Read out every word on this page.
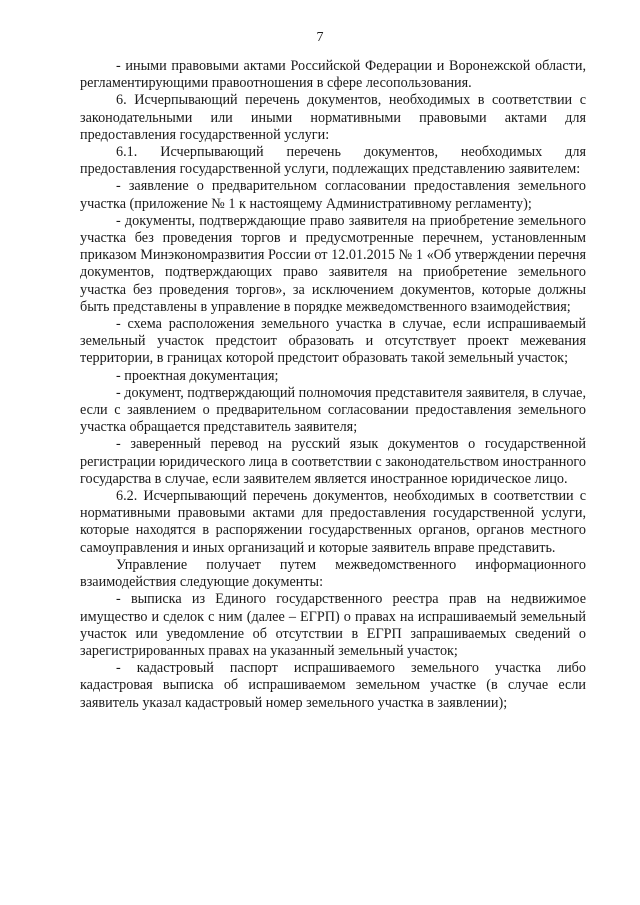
7

- иными правовыми актами Российской Федерации и Воронежской области, регламентирующими правоотношения в сфере лесопользования.

6. Исчерпывающий перечень документов, необходимых в соответствии с законодательными или иными нормативными правовыми актами для предоставления государственной услуги:

6.1. Исчерпывающий перечень документов, необходимых для предоставления государственной услуги, подлежащих представлению заявителем:

- заявление о предварительном согласовании предоставления земельного участка (приложение № 1 к настоящему Административному регламенту);

- документы, подтверждающие право заявителя на приобретение земельного участка без проведения торгов и предусмотренные перечнем, установленным приказом Минэкономразвития России от 12.01.2015 № 1 «Об утверждении перечня документов, подтверждающих право заявителя на приобретение земельного участка без проведения торгов», за исключением документов, которые должны быть представлены в управление в порядке межведомственного взаимодействия;

- схема расположения земельного участка в случае, если испрашиваемый земельный участок предстоит образовать и отсутствует проект межевания территории, в границах которой предстоит образовать такой земельный участок;

- проектная документация;

- документ, подтверждающий полномочия представителя заявителя, в случае, если с заявлением о предварительном согласовании предоставления земельного участка обращается представитель заявителя;

- заверенный перевод на русский язык документов о государственной регистрации юридического лица в соответствии с законодательством иностранного государства в случае, если заявителем является иностранное юридическое лицо.

6.2. Исчерпывающий перечень документов, необходимых в соответствии с нормативными правовыми актами для предоставления государственной услуги, которые находятся в распоряжении государственных органов, органов местного самоуправления и иных организаций и которые заявитель вправе представить.

Управление получает путем межведомственного информационного взаимодействия следующие документы:

- выписка из Единого государственного реестра прав на недвижимое имущество и сделок с ним (далее – ЕГРП) о правах на испрашиваемый земельный участок или уведомление об отсутствии в ЕГРП запрашиваемых сведений о зарегистрированных правах на указанный земельный участок;

- кадастровый паспорт испрашиваемого земельного участка либо кадастровая выписка об испрашиваемом земельном участке (в случае если заявитель указал кадастровый номер земельного участка в заявлении);
